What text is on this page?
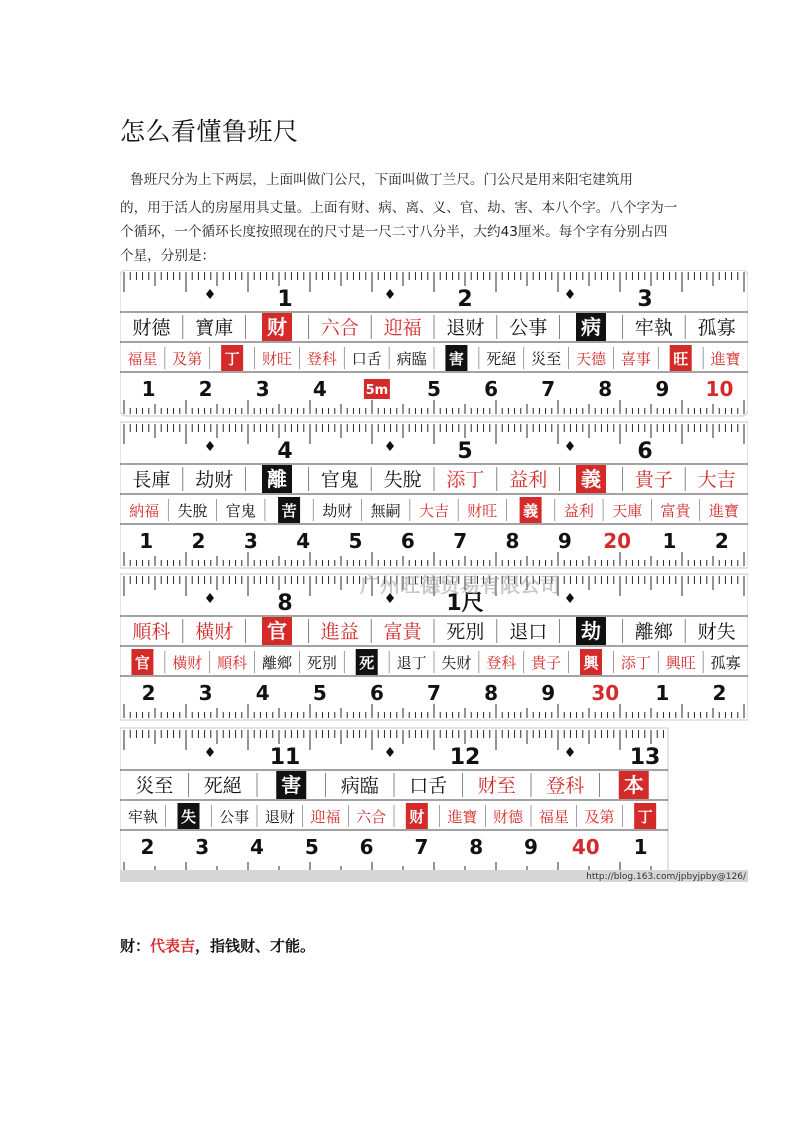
怎么看懂鲁班尺
鲁班尺分为上下两层，上面叫做门公尺，下面叫做丁兰尺。门公尺是用来阳宅建筑用
的，用于活人的房屋用具丈量。上面有财、病、离、义、官、劫、害、本八个字。八个字为一个循环，一个循环长度按照现在的尺寸是一尺二寸八分半，大约43厘米。每个字有分别占四个星，分别是：
1	2	3
财德 寶庫 财 六合 迎福 退财 公事 病 牢執 孤寡
福星 及第 丁 财旺 登科 口舌 病臨 害 死絕 災至 天德 喜事 旺 進寶
1 2 3 4	5m 5 6 7 8 9 10
4	5	6
長庫 劫财 離 官鬼 失脫 添丁 益利 義 貴子 大吉
納福 失脫 官鬼 苦 劫财 無嗣 大吉 财旺 義 益利 天庫 富貴 進寶
1 2 3 4 5 6 7 8 9 20 1 2
8	1尺
順科 橫财 官 進益 富貴 死別 退口 劫 離鄉 财失
官 橫财 順科 離鄉 死別 死 退丁 失财 登科 貴子 興 添丁 興旺 孤寡
2 3 4 5 6 7 8 9 30 1 2
11	12	13
災至 死絕 害 病臨 口舌 财至 登科 本
牢執 失 公事 退财 迎福 六合 财 進寶 财德 福星 及第 丁
2 3 4 5 6 7 8 9 40 1
广州旺德贸易有限公司
http://blog.163.com/jpbyjpby@126/
财：代表吉，指钱财、才能。
